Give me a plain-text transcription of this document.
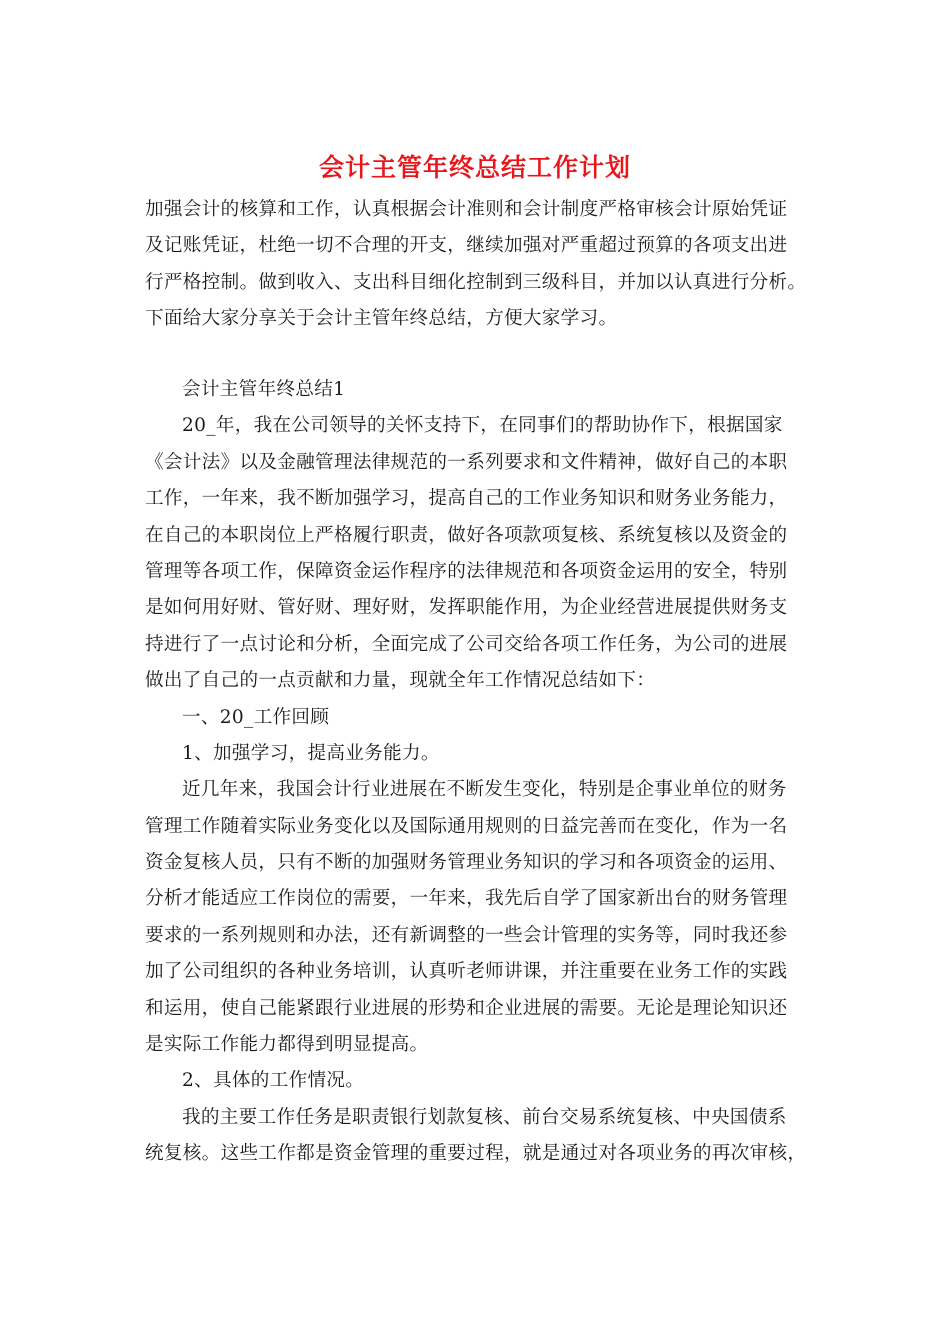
会计主管年终总结工作计划
加强会计的核算和工作，认真根据会计准则和会计制度严格审核会计原始凭证
及记账凭证，杜绝一切不合理的开支，继续加强对严重超过预算的各项支出进
行严格控制。做到收入、支出科目细化控制到三级科目，并加以认真进行分析。
下面给大家分享关于会计主管年终总结，方便大家学习。
会计主管年终总结1
20_年，我在公司领导的关怀支持下，在同事们的帮助协作下，根据国家
《会计法》以及金融管理法律规范的一系列要求和文件精神，做好自己的本职
工作，一年来，我不断加强学习，提高自己的工作业务知识和财务业务能力，
在自己的本职岗位上严格履行职责，做好各项款项复核、系统复核以及资金的
管理等各项工作，保障资金运作程序的法律规范和各项资金运用的安全，特别
是如何用好财、管好财、理好财，发挥职能作用，为企业经营进展提供财务支
持进行了一点讨论和分析，全面完成了公司交给各项工作任务，为公司的进展
做出了自己的一点贡献和力量，现就全年工作情况总结如下：
一、20_工作回顾
1、加强学习，提高业务能力。
近几年来，我国会计行业进展在不断发生变化，特别是企事业单位的财务
管理工作随着实际业务变化以及国际通用规则的日益完善而在变化，作为一名
资金复核人员，只有不断的加强财务管理业务知识的学习和各项资金的运用、
分析才能适应工作岗位的需要，一年来，我先后自学了国家新出台的财务管理
要求的一系列规则和办法，还有新调整的一些会计管理的实务等，同时我还参
加了公司组织的各种业务培训，认真听老师讲课，并注重要在业务工作的实践
和运用，使自己能紧跟行业进展的形势和企业进展的需要。无论是理论知识还
是实际工作能力都得到明显提高。
2、具体的工作情况。
我的主要工作任务是职责银行划款复核、前台交易系统复核、中央国债系
统复核。这些工作都是资金管理的重要过程，就是通过对各项业务的再次审核，
